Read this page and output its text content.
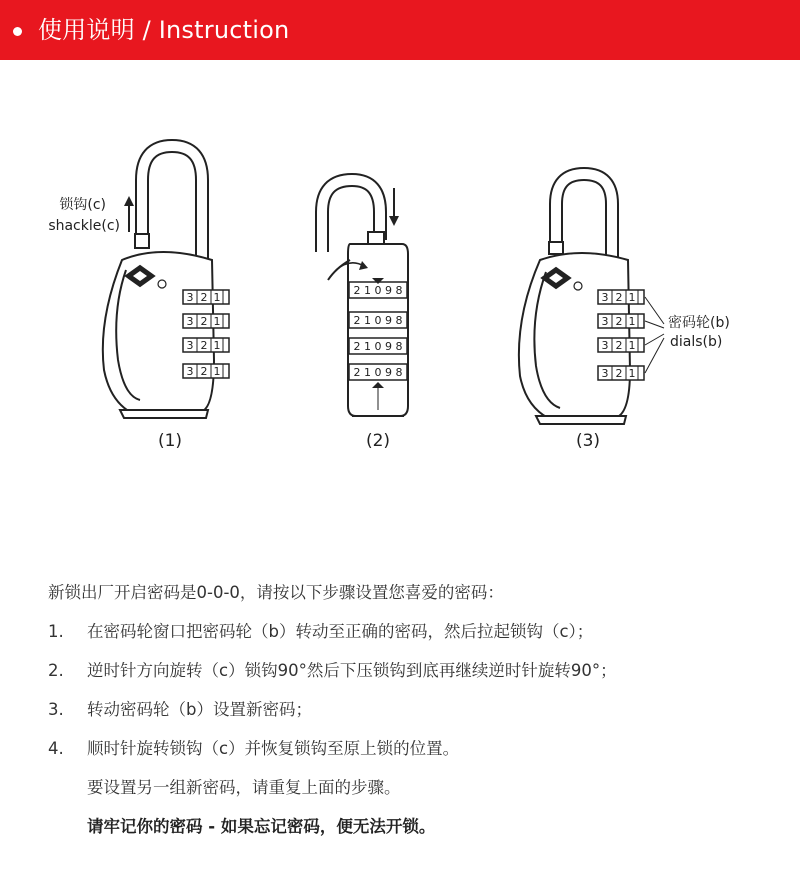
使用说明 / Instruction
3 2 1
3 2 1
3 2 1
3 2 1
锁钩(c)
shackle(c)
(1)
2 1 0 9 8
2 1 0 9 8
2 1 0 9 8
2 1 0 9 8
(2)
3 2 1
3 2 1
3 2 1
3 2 1
密码轮(b)
dials(b)
(3)
新锁出厂开启密码是0-0-0，请按以下步骤设置您喜爱的密码：
1.	在密码轮窗口把密码轮（b）转动至正确的密码，然后拉起锁钩（c）；
2.	逆时针方向旋转（c）锁钩90°然后下压锁钩到底再继续逆时针旋转90°；
3.	转动密码轮（b）设置新密码；
4.	顺时针旋转锁钩（c）并恢复锁钩至原上锁的位置。
要设置另一组新密码，请重复上面的步骤。
请牢记你的密码 - 如果忘记密码，便无法开锁。
